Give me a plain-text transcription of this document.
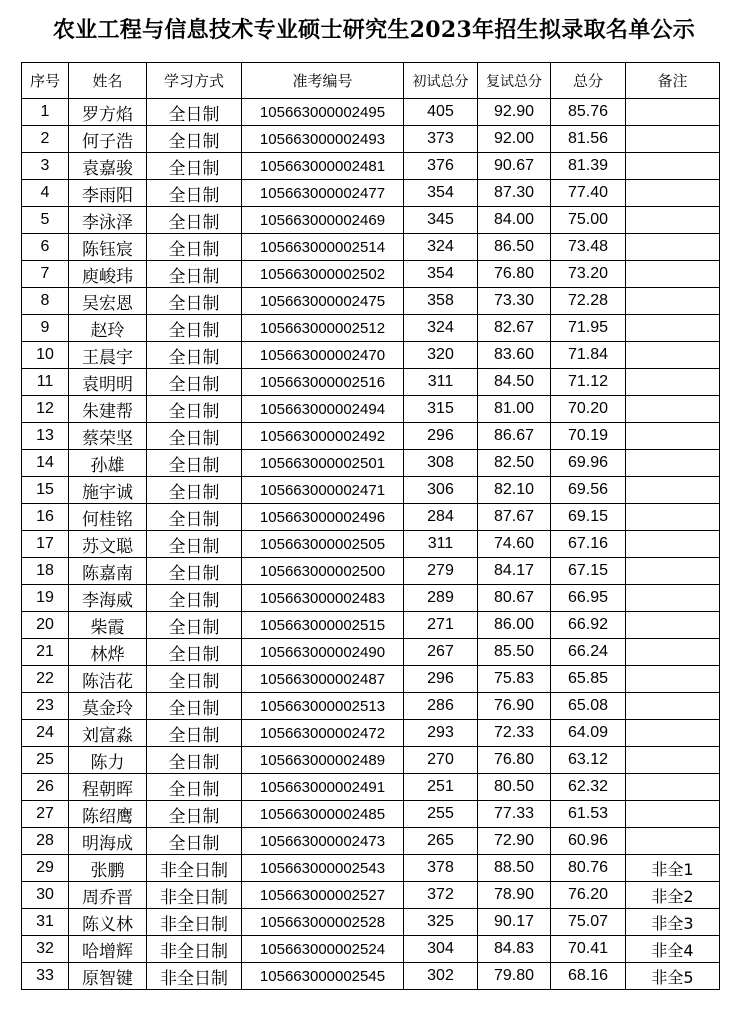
农业工程与信息技术专业硕士研究生2023年招生拟录取名单公示
序号	姓名	学习方式	准考编号	初试总分	复试总分	总分	备注
1	罗方焰	全日制	105663000002495	405	92.90	85.76	
2	何子浩	全日制	105663000002493	373	92.00	81.56	
3	袁嘉骏	全日制	105663000002481	376	90.67	81.39	
4	李雨阳	全日制	105663000002477	354	87.30	77.40	
5	李泳泽	全日制	105663000002469	345	84.00	75.00	
6	陈钰宸	全日制	105663000002514	324	86.50	73.48	
7	庾峻玮	全日制	105663000002502	354	76.80	73.20	
8	吴宏恩	全日制	105663000002475	358	73.30	72.28	
9	赵玲	全日制	105663000002512	324	82.67	71.95	
10	王晨宇	全日制	105663000002470	320	83.60	71.84	
11	袁明明	全日制	105663000002516	311	84.50	71.12	
12	朱建帮	全日制	105663000002494	315	81.00	70.20	
13	蔡荣坚	全日制	105663000002492	296	86.67	70.19	
14	孙雄	全日制	105663000002501	308	82.50	69.96	
15	施宇诚	全日制	105663000002471	306	82.10	69.56	
16	何桂铭	全日制	105663000002496	284	87.67	69.15	
17	苏文聪	全日制	105663000002505	311	74.60	67.16	
18	陈嘉南	全日制	105663000002500	279	84.17	67.15	
19	李海威	全日制	105663000002483	289	80.67	66.95	
20	柴霞	全日制	105663000002515	271	86.00	66.92	
21	林烨	全日制	105663000002490	267	85.50	66.24	
22	陈洁花	全日制	105663000002487	296	75.83	65.85	
23	莫金玲	全日制	105663000002513	286	76.90	65.08	
24	刘富淼	全日制	105663000002472	293	72.33	64.09	
25	陈力	全日制	105663000002489	270	76.80	63.12	
26	程朝晖	全日制	105663000002491	251	80.50	62.32	
27	陈绍鹰	全日制	105663000002485	255	77.33	61.53	
28	明海成	全日制	105663000002473	265	72.90	60.96	
29	张鹏	非全日制	105663000002543	378	88.50	80.76	非全1
30	周乔晋	非全日制	105663000002527	372	78.90	76.20	非全2
31	陈义林	非全日制	105663000002528	325	90.17	75.07	非全3
32	哈增辉	非全日制	105663000002524	304	84.83	70.41	非全4
33	原智键	非全日制	105663000002545	302	79.80	68.16	非全5
